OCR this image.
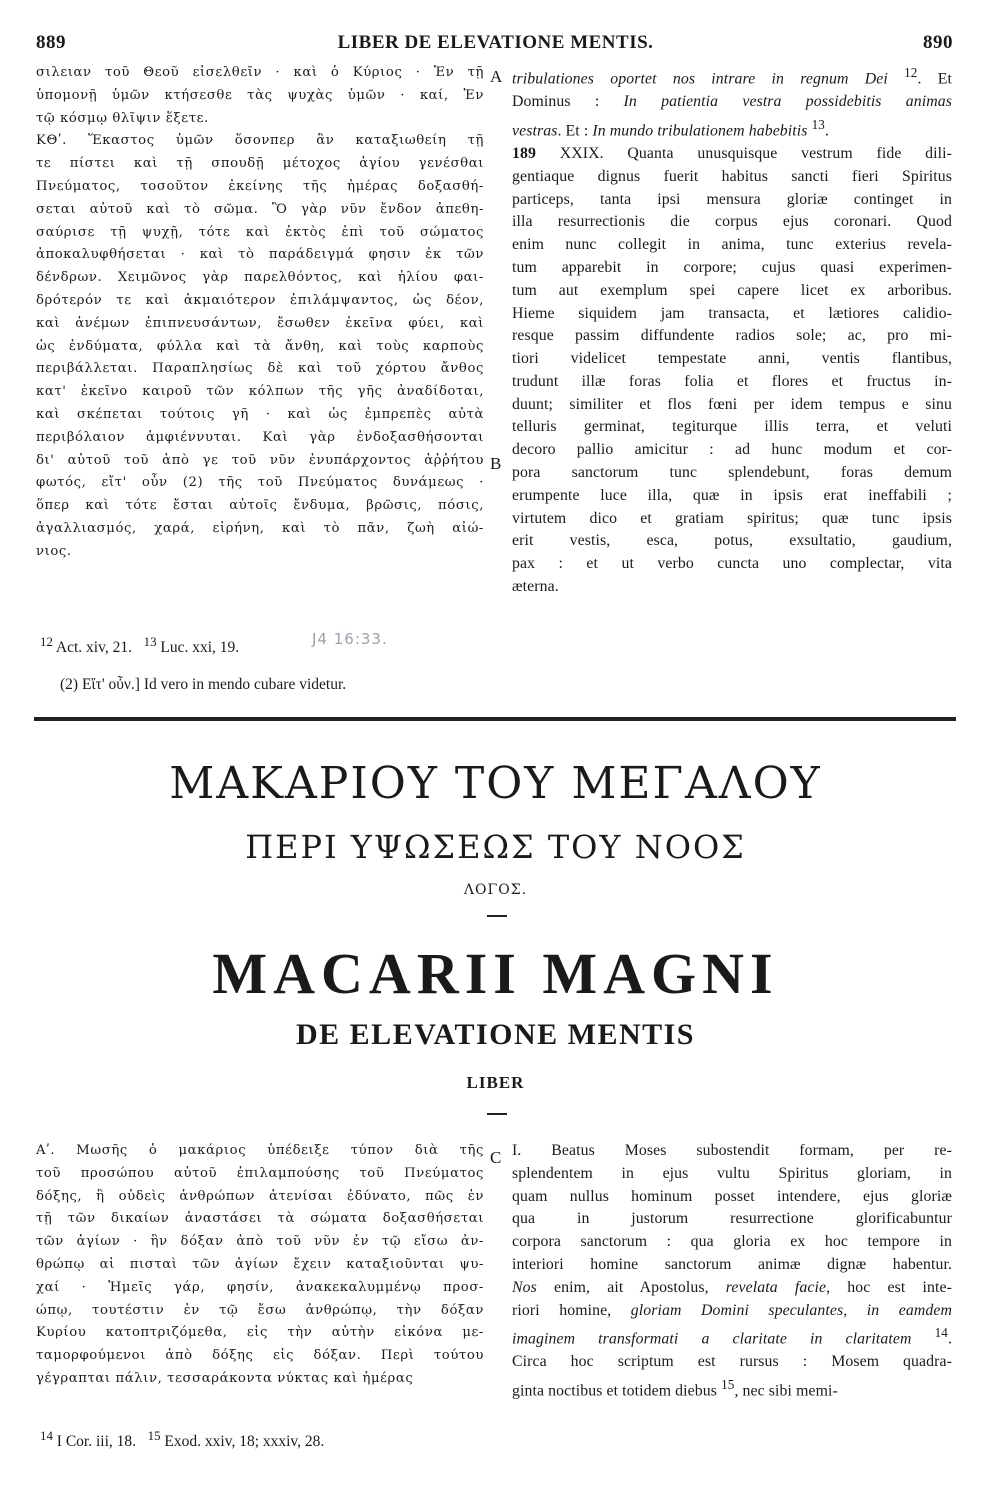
889	LIBER DE ELEVATIONE MENTIS.	890
σιλειαν τοῦ Θεοῦ εἰσελθεῖν · καὶ ὁ Κύριος · Ἐν τῇ
ὑπομονῇ ὑμῶν κτήσεσθε τὰς ψυχὰς ὑμῶν · καί, Ἐν
τῷ κόσμῳ θλῖψιν ἕξετε.
ΚΘʹ. Ἕκαστος ὑμῶν ὅσονπερ ἂν καταξιωθείη τῇ
τε πίστει καὶ τῇ σπουδῇ μέτοχος ἁγίου γενέσθαι
Πνεύματος, τοσοῦτον ἐκείνης τῆς ἡμέρας δοξασθή-
σεται αὐτοῦ καὶ τὸ σῶμα. Ὃ γὰρ νῦν ἔνδον ἀπεθη-
σαύρισε τῇ ψυχῇ, τότε καὶ ἐκτὸς ἐπὶ τοῦ σώματος
ἀποκαλυφθήσεται · καὶ τὸ παράδειγμά φησιν ἐκ τῶν
δένδρων. Χειμῶνος γὰρ παρελθόντος, καὶ ἡλίου φαι-
δρότερόν τε καὶ ἀκμαιότερον ἐπιλάμψαντος, ὡς δέον,
καὶ ἀνέμων ἐπιπνευσάντων, ἔσωθεν ἐκεῖνα φύει, καὶ
ὡς ἐνδύματα, φύλλα καὶ τὰ ἄνθη, καὶ τοὺς καρποὺς
περιβάλλεται. Παραπλησίως δὲ καὶ τοῦ χόρτου ἄνθος
κατ' ἐκεῖνο καιροῦ τῶν κόλπων τῆς γῆς ἀναδίδοται,
καὶ σκέπεται τούτοις γῆ · καὶ ὡς ἐμπρεπὲς αὐτὰ
περιβόλαιον ἀμφιέννυται. Καὶ γὰρ ἐνδοξασθήσονται
δι' αὐτοῦ τοῦ ἀπὸ γε τοῦ νῦν ἐνυπάρχοντος ἀῤῥήτου
φωτός, εἴτ' οὖν (2) τῆς τοῦ Πνεύματος δυνάμεως ·
ὅπερ καὶ τότε ἔσται αὐτοῖς ἔνδυμα, βρῶσις, πόσις,
ἀγαλλιασμός, χαρά, εἰρήνη, καὶ τὸ πᾶν, ζωὴ αἰώ-
νιος.
tribulationes oportet nos intrare in regnum Dei $^{12}$. Et
Dominus : In patientia vestra possidebitis animas
vestras. Et : In mundo tribulationem habebitis $^{13}$.
189 XXIX. Quanta unusquisque vestrum fide dili-
gentiaque dignus fuerit habitus sancti fieri Spiritus
particeps, tanta ipsi mensura gloriæ continget in
illa resurrectionis die corpus ejus coronari. Quod
enim nunc collegit in anima, tunc exterius revela-
tum apparebit in corpore; cujus quasi experimen-
tum aut exemplum spei capere licet ex arboribus.
Hieme siquidem jam transacta, et lætiores calidio-
resque passim diffundente radios sole; ac, pro mi-
tiori videlicet tempestate anni, ventis flantibus,
trudunt illæ foras folia et flores et fructus in-
duunt; similiter et flos fœni per idem tempus e sinu
telluris germinat, tegiturque illis terra, et veluti
decoro pallio amicitur : ad hunc modum et cor-
pora sanctorum tunc splendebunt, foras demum
erumpente luce illa, quæ in ipsis erat ineffabili ;
virtutem dico et gratiam spiritus; quæ tunc ipsis
erit vestis, esca, potus, exsultatio, gaudium,
pax : et ut verbo cuncta uno complectar, vita
æterna.
A
B
$^{12}$ Act. xiv, 21.   $^{13}$ Luc. xxi, 19.	J4 16:33.
(2) Εἴτ' οὖν.] Id vero in mendo cubare videtur.
ΜΑΚΑΡΙΟΥ ΤΟΥ ΜΕΓΑΛΟΥ
ΠΕΡΙ ΥΨΩΣΕΩΣ ΤΟΥ ΝΟΟΣ
ΛΟΓΟΣ.
MACARII MAGNI
DE ELEVATIONE MENTIS
LIBER
Αʹ. Μωσῆς ὁ μακάριος ὑπέδειξε τύπον διὰ τῆς
τοῦ προσώπου αὐτοῦ ἐπιλαμπούσης τοῦ Πνεύματος
δόξης, ἣ οὐδεὶς ἀνθρώπων ἀτενίσαι ἐδύνατο, πῶς ἐν
τῇ τῶν δικαίων ἀναστάσει τὰ σώματα δοξασθήσεται
τῶν ἁγίων · ἣν δόξαν ἀπὸ τοῦ νῦν ἐν τῷ εἴσω ἀν-
θρώπῳ αἱ πισταὶ τῶν ἁγίων ἔχειν καταξιοῦνται ψυ-
χαί · Ἡμεῖς γάρ, φησίν, ἀνακεκαλυμμένῳ προσ-
ώπῳ, τουτέστιν ἐν τῷ ἔσω ἀνθρώπῳ, τὴν δόξαν
Κυρίου κατοπτριζόμεθα, εἰς τὴν αὐτὴν εἰκόνα με-
ταμορφούμενοι ἀπὸ δόξης εἰς δόξαν. Περὶ τούτου
γέγραπται πάλιν, τεσσαράκοντα νύκτας καὶ ἡμέρας
I. Beatus Moses subostendit formam, per re-
splendentem in ejus vultu Spiritus gloriam, in
quam nullus hominum posset intendere, ejus gloriæ
qua in justorum resurrectione glorificabuntur
corpora sanctorum : qua gloria ex hoc tempore in
interiori homine sanctorum animæ dignæ habentur.
Nos enim, ait Apostolus, revelata facie, hoc est inte-
riori homine, gloriam Domini speculantes, in eamdem
imaginem transformati a claritate in claritatem $^{14}$.
Circa hoc scriptum est rursus : Mosem quadra-
ginta noctibus et totidem diebus $^{15}$, nec sibi memi-
C
$^{14}$ I Cor. iii, 18.   $^{15}$ Exod. xxiv, 18; xxxiv, 28.
